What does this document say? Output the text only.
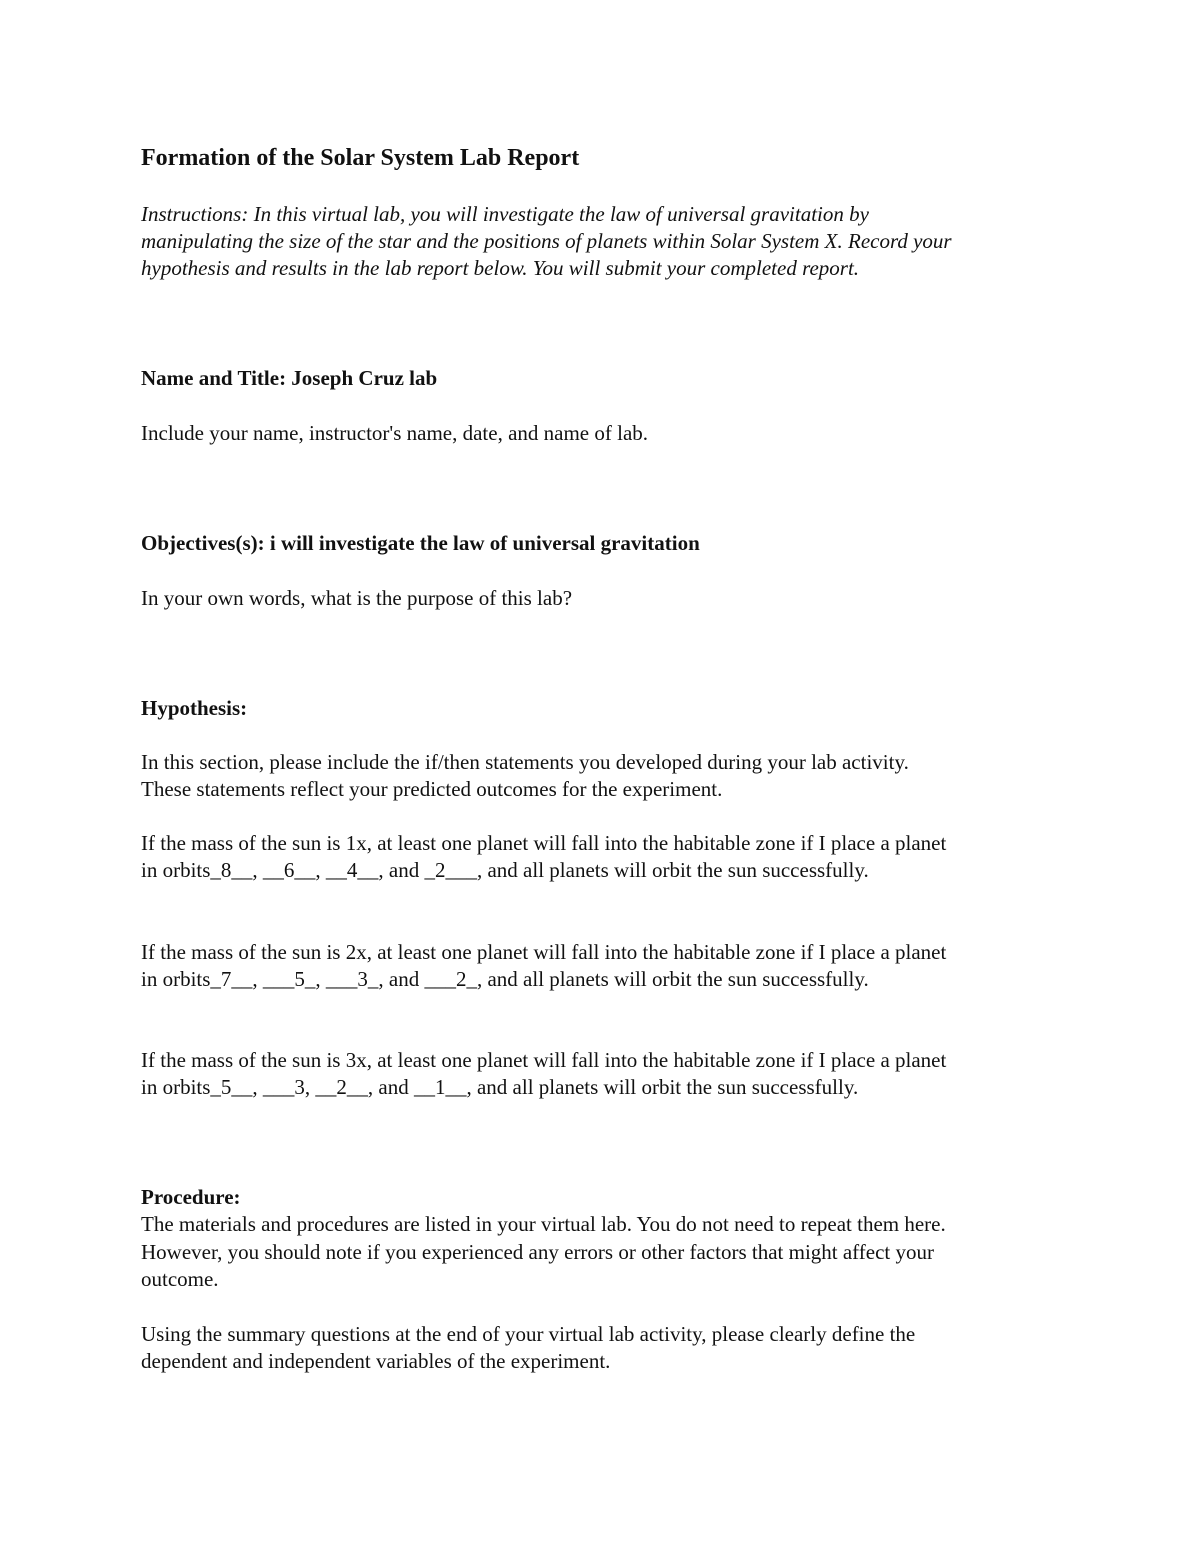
Formation of the Solar System Lab Report

Instructions: In this virtual lab, you will investigate the law of universal gravitation by

manipulating the size of the star and the positions of planets within Solar System X. Record your

hypothesis and results in the lab report below. You will submit your completed report.

Name and Title: Joseph Cruz lab

Include your name, instructor's name, date, and name of lab.

Objectives(s): i will investigate the law of universal gravitation

In your own words, what is the purpose of this lab?

Hypothesis:

In this section, please include the if/then statements you developed during your lab activity.

These statements reflect your predicted outcomes for the experiment.

If the mass of the sun is 1x, at least one planet will fall into the habitable zone if I place a planet

in orbits_8__, __6__, __4__, and _2___, and all planets will orbit the sun successfully.

If the mass of the sun is 2x, at least one planet will fall into the habitable zone if I place a planet

in orbits_7__, ___5_, ___3_, and ___2_, and all planets will orbit the sun successfully.

If the mass of the sun is 3x, at least one planet will fall into the habitable zone if I place a planet

in orbits_5__, ___3, __2__, and __1__, and all planets will orbit the sun successfully.

Procedure:

The materials and procedures are listed in your virtual lab. You do not need to repeat them here.

However, you should note if you experienced any errors or other factors that might affect your

outcome.

Using the summary questions at the end of your virtual lab activity, please clearly define the

dependent and independent variables of the experiment.
